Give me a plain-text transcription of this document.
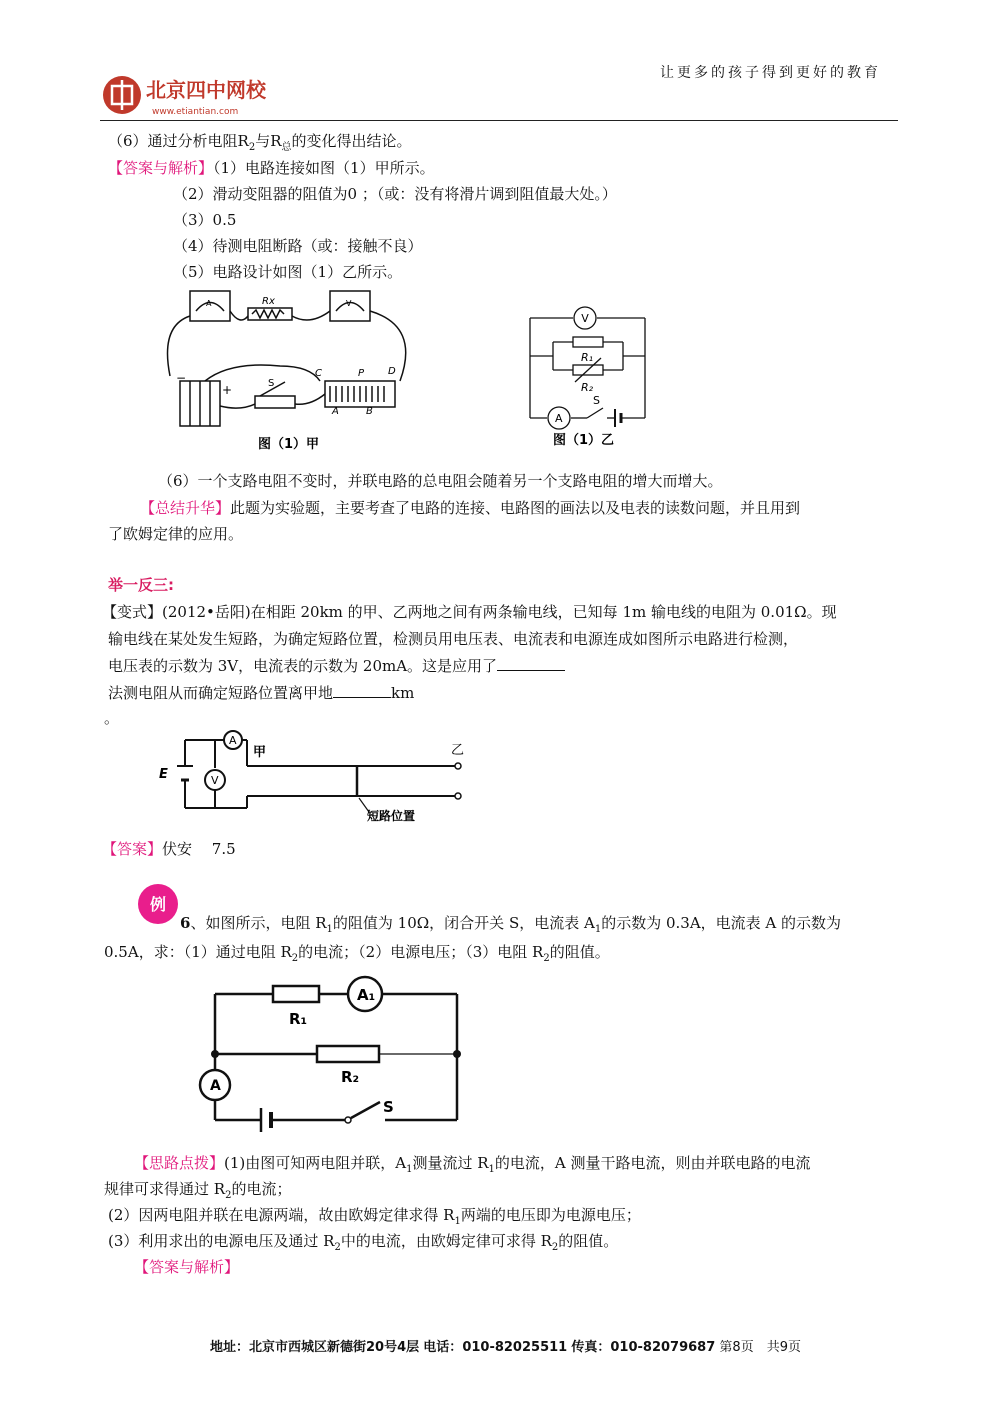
让更多的孩子得到更好的教育
北京四中网校
www.etiantian.com
（6）通过分析电阻$R_2$与$R_总$的变化得出结论。
【答案与解析】（1）电路连接如图（1）甲所示。
（2）滑动变阻器的阻值为0 ；（或：没有将滑片调到阻值最大处。）
（3）0.5
（4）待测电阻断路（或：接触不良）
（5）电路设计如图（1）乙所示。
Rx
A	V
S
C	P D
A	B
−
+
图（1）甲
V
R₁
R₂
A
S
图（1）乙
（6）一个支路电阻不变时，并联电路的总电阻会随着另一个支路电阻的增大而增大。
【总结升华】此题为实验题，主要考查了电路的连接、电路图的画法以及电表的读数问题，并且用到
了欧姆定律的应用。
举一反三:
【变式】(2012•岳阳)在相距 20km 的甲、乙两地之间有两条输电线，已知每 1m 输电线的电阻为 0.01Ω。现
输电线在某处发生短路，为确定短路位置，检测员用电压表、电流表和电源连成如图所示电路进行检测，
电压表的示数为 3V，电流表的示数为 20mA。这是应用了
法测电阻从而确定短路位置离甲地	km
。
E
A
V
甲	乙
短路位置
【答案】伏安　 7.5
例
6、如图所示，电阻 $R_1$的阻值为 10Ω，闭合开关 S，电流表 $A_1$的示数为 0.3A，电流表 A 的示数为
0.5A，求：（1）通过电阻 $R_2$的电流；（2）电源电压；（3）电阻 $R_2$的阻值。
R₁
A₁
R₂
A
S
【思路点拨】(1)由图可知两电阻并联，$A_1$测量流过 $R_1$的电流，A 测量干路电流，则由并联电路的电流
规律可求得通过 $R_2$的电流；
(2）因两电阻并联在电源两端，故由欧姆定律求得 $R_1$两端的电压即为电源电压；
(3）利用求出的电源电压及通过 $R_2$中的电流，由欧姆定律可求得 $R_2$的阻值。
【答案与解析】
地址：北京市西城区新德街20号4层 电话：010-82025511 传真：010-82079687 第8页　共9页
